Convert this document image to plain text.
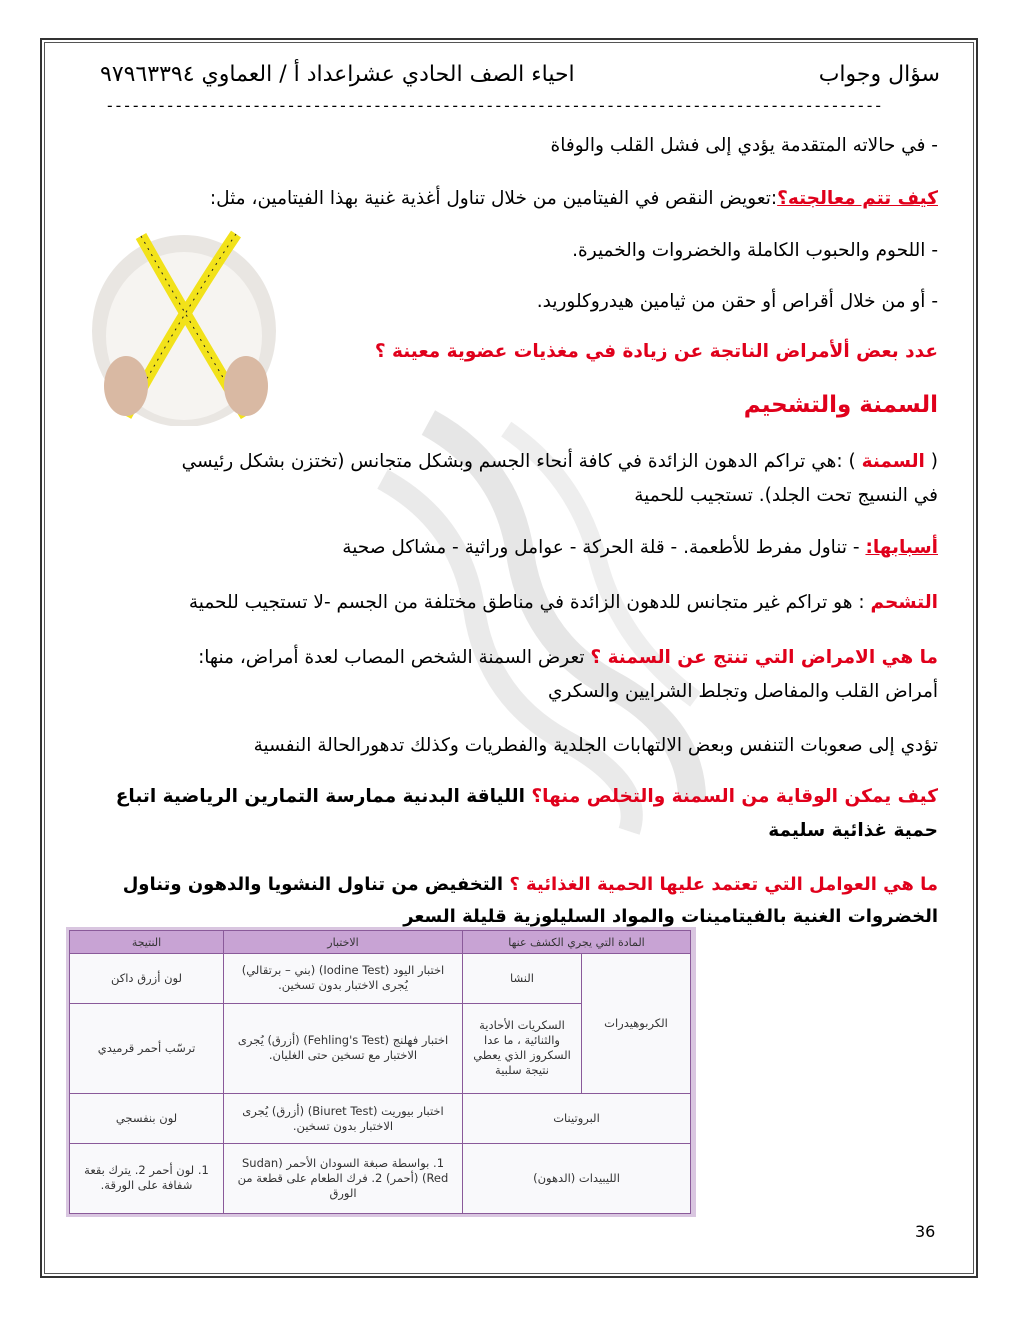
سؤال وجواب
احياء الصف الحادي عشر
اعداد أ / العماوي ٩٧٩٦٣٣٩٤
------------------------------------------------------------------------------------------
- في حالاته المتقدمة يؤدي إلى فشل القلب والوفاة
كيف تتم معالجته؟:تعويض النقص في الفيتامين من خلال تناول أغذية غنية بهذا الفيتامين، مثل:
- اللحوم والحبوب الكاملة والخضروات والخميرة.
- أو من خلال أقراص أو حقن من ثيامين هيدروكلوريد.
عدد بعض ألأمراض الناتجة عن زيادة في مغذيات عضوية معينة ؟
السمنة والتشحيم
( السمنة ) :هي تراكم الدهون الزائدة في كافة أنحاء الجسم وبشكل متجانس (تختزن بشكل رئيسي
في النسيج تحت الجلد). تستجيب للحمية
أسبابها: - تناول مفرط للأطعمة. - قلة الحركة - عوامل وراثية - مشاكل صحية
التشحم : هو تراكم غير متجانس للدهون الزائدة في مناطق مختلفة من الجسم -لا تستجيب للحمية
ما هي الامراض التي تنتج عن السمنة ؟ تعرض السمنة الشخص المصاب لعدة أمراض، منها:
أمراض القلب والمفاصل وتجلط الشرايين والسكري
تؤدي إلى صعوبات التنفس وبعض الالتهابات الجلدية والفطريات وكذلك تدهورالحالة النفسية
كيف يمكن الوقاية من السمنة والتخلص منها؟ اللياقة البدنية ممارسة التمارين الرياضية اتباع
حمية غذائية سليمة
ما هي العوامل التي تعتمد عليها الحمية الغذائية ؟ التخفيض من تناول النشويا والدهون وتناول
الخضروات الغنية بالفيتامينات والمواد السليلوزية قليلة السعر
المادة التي يجري الكشف عنها		الاختبار	النتيجة
الكربوهيدرات	النشا	اختبار اليود (Iodine Test) (بني – برتقالي) يُجرى الاختبار بدون تسخين.	لون أزرق داكن
	السكريات الأحادية والثنائية ، ما عدا السكروز الذي يعطي نتيجة سلبية	اختبار فهلنج (Fehling's Test) (أزرق) يُجرى الاختبار مع تسخين حتى الغليان.	ترسّب أحمر قرميدي
البروتينات		اختبار بيوريت (Biuret Test) (أزرق) يُجرى الاختبار بدون تسخين.	لون بنفسجي
الليبيدات (الدهون)		1. بواسطة صبغة السودان الأحمر (Sudan Red) (أحمر) 2. فرك الطعام على قطعة من الورق	1. لون أحمر 2. يترك بقعة شفافة على الورقة.
36
